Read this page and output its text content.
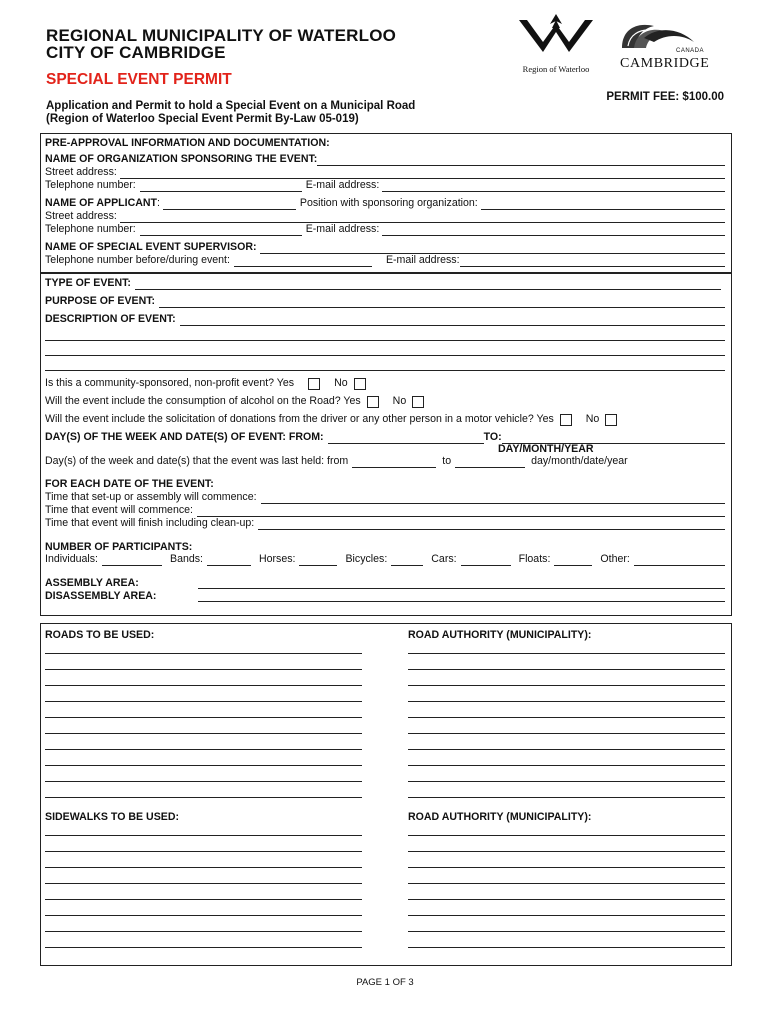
REGIONAL MUNICIPALITY OF WATERLOO
CITY OF CAMBRIDGE
SPECIAL EVENT PERMIT
PERMIT FEE: $100.00
Application and Permit to hold a Special Event on a Municipal Road
(Region of Waterloo Special Event Permit By-Law 05-019)
Region of Waterloo
CANADA
CAMBRIDGE
PRE-APPROVAL INFORMATION AND DOCUMENTATION:
NAME OF ORGANIZATION SPONSORING THE EVENT:
Street address:
Telephone number:	E-mail address:
NAME OF APPLICANT :	Position with sponsoring organization:
Street address:
Telephone number:	E-mail address:
NAME OF SPECIAL EVENT SUPERVISOR:
Telephone number before/during event:	E-mail address:
TYPE OF EVENT:
PURPOSE OF EVENT:
DESCRIPTION OF EVENT:
Is this a community-sponsored, non-profit event? Yes	No
Will the event include the consumption of alcohol on the Road? Yes	No
Will the event include the solicitation of donations from the driver or any other person in a motor vehicle? Yes	No
DAY(S) OF THE WEEK AND DATE(S) OF EVENT: FROM:	TO:
DAY/MONTH/YEAR
Day(s) of the week and date(s) that the event was last held: from	to	day/month/date/year
FOR EACH DATE OF THE EVENT:
Time that set-up or assembly will commence:
Time that event will commence:
Time that event will finish including clean-up:
NUMBER OF PARTICIPANTS:
Individuals:	Bands:	Horses:	Bicycles:	Cars:	Floats:	Other:
ASSEMBLY AREA:
DISASSEMBLY AREA:
ROADS TO BE USED:	ROAD AUTHORITY (MUNICIPALITY):
SIDEWALKS TO BE USED:	ROAD AUTHORITY (MUNICIPALITY):
PAGE 1 OF 3
